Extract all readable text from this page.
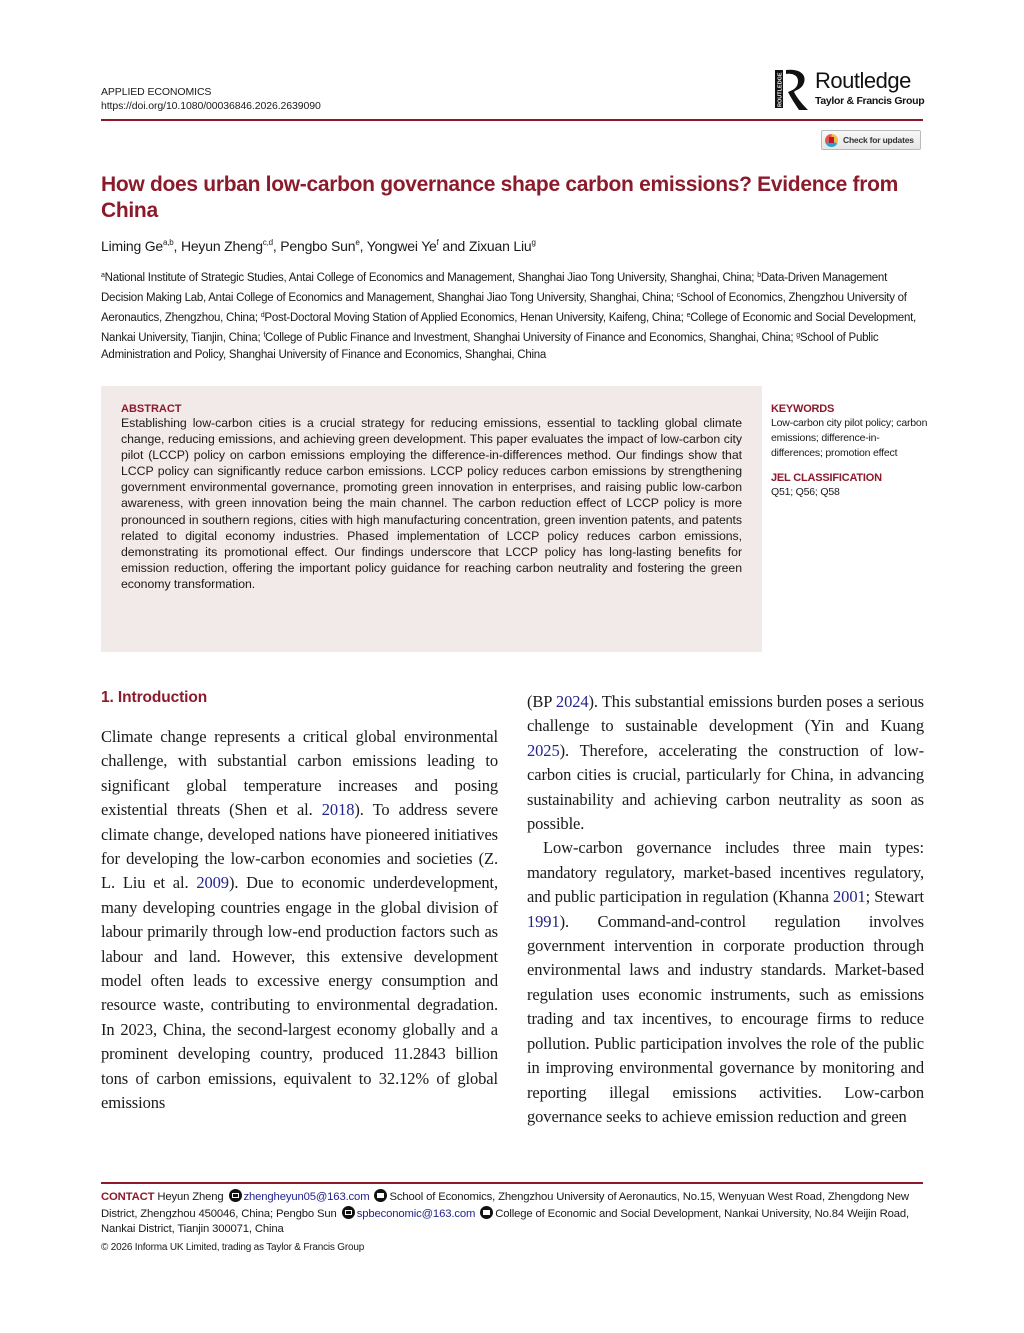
APPLIED ECONOMICS
https://doi.org/10.1080/00036846.2026.2639090	ROUTLEDGE Routledge
Taylor & Francis Group
Check for updates
How does urban low-carbon governance shape carbon emissions? Evidence from China
Liming Ge$^{a,b}$, Heyun Zheng$^{c,d}$, Pengbo Sun$^e$, Yongwei Ye$^f$ and Zixuan Liu$^g$
$^a$National Institute of Strategic Studies, Antai College of Economics and Management, Shanghai Jiao Tong University, Shanghai, China; $^b$Data-Driven Management Decision Making Lab, Antai College of Economics and Management, Shanghai Jiao Tong University, Shanghai, China; $^c$School of Economics, Zhengzhou University of Aeronautics, Zhengzhou, China; $^d$Post-Doctoral Moving Station of Applied Economics, Henan University, Kaifeng, China; $^e$College of Economic and Social Development, Nankai University, Tianjin, China; $^f$College of Public Finance and Investment, Shanghai University of Finance and Economics, Shanghai, China; $^g$School of Public Administration and Policy, Shanghai University of Finance and Economics, Shanghai, China
ABSTRACT
Establishing low-carbon cities is a crucial strategy for reducing emissions, essential to tackling global climate change, reducing emissions, and achieving green development. This paper evaluates the impact of low-carbon city pilot (LCCP) policy on carbon emissions employing the difference-in-differences method. Our findings show that LCCP policy can significantly reduce carbon emissions. LCCP policy reduces carbon emissions by strengthening government environmental governance, promoting green innovation in enterprises, and raising public low-carbon awareness, with green innovation being the main channel. The carbon reduction effect of LCCP policy is more pronounced in southern regions, cities with high manufacturing concentration, green invention patents, and patents related to digital economy industries. Phased implementation of LCCP policy reduces carbon emissions, demonstrating its promotional effect. Our findings underscore that LCCP policy has long-lasting benefits for emission reduction, offering the important policy guidance for reaching carbon neutrality and fostering the green economy transformation.
KEYWORDS
Low-carbon city pilot policy; carbon emissions; difference-in-differences; promotion effect
JEL CLASSIFICATION
Q51; Q56; Q58
1. Introduction

Climate change represents a critical global environmental challenge, with substantial carbon emissions leading to significant global temperature increases and posing existential threats (Shen et al. 2018). To address severe climate change, developed nations have pioneered initiatives for developing the low-carbon economies and societies (Z. L. Liu et al. 2009). Due to economic underdevelopment, many developing countries engage in the global division of labour primarily through low-end production factors such as labour and land. However, this extensive development model often leads to excessive energy consumption and resource waste, contributing to environmental degradation. In 2023, China, the second-largest economy globally and a prominent developing country, produced 11.2843 billion tons of carbon emissions, equivalent to 32.12% of global emissions

(BP 2024). This substantial emissions burden poses a serious challenge to sustainable development (Yin and Kuang 2025). Therefore, accelerating the construction of low-carbon cities is crucial, particularly for China, in advancing sustainability and achieving carbon neutrality as soon as possible.

Low-carbon governance includes three main types: mandatory regulatory, market-based incentives regulatory, and public participation in regulation (Khanna 2001; Stewart 1991). Command-and-control regulation involves government intervention in corporate production through environmental laws and industry standards. Market-based regulation uses economic instruments, such as emissions trading and tax incentives, to encourage firms to reduce pollution. Public participation involves the role of the public in improving environmental governance by monitoring and reporting illegal emissions activities. Low-carbon governance seeks to achieve emission reduction and green

CONTACT Heyun Zheng zhengheyun05@163.com School of Economics, Zhengzhou University of Aeronautics, No.15, Wenyuan West Road, Zhengdong New District, Zhengzhou 450046, China; Pengbo Sun spbeconomic@163.com College of Economic and Social Development, Nankai University, No.84 Weijin Road, Nankai District, Tianjin 300071, China
© 2026 Informa UK Limited, trading as Taylor & Francis Group
